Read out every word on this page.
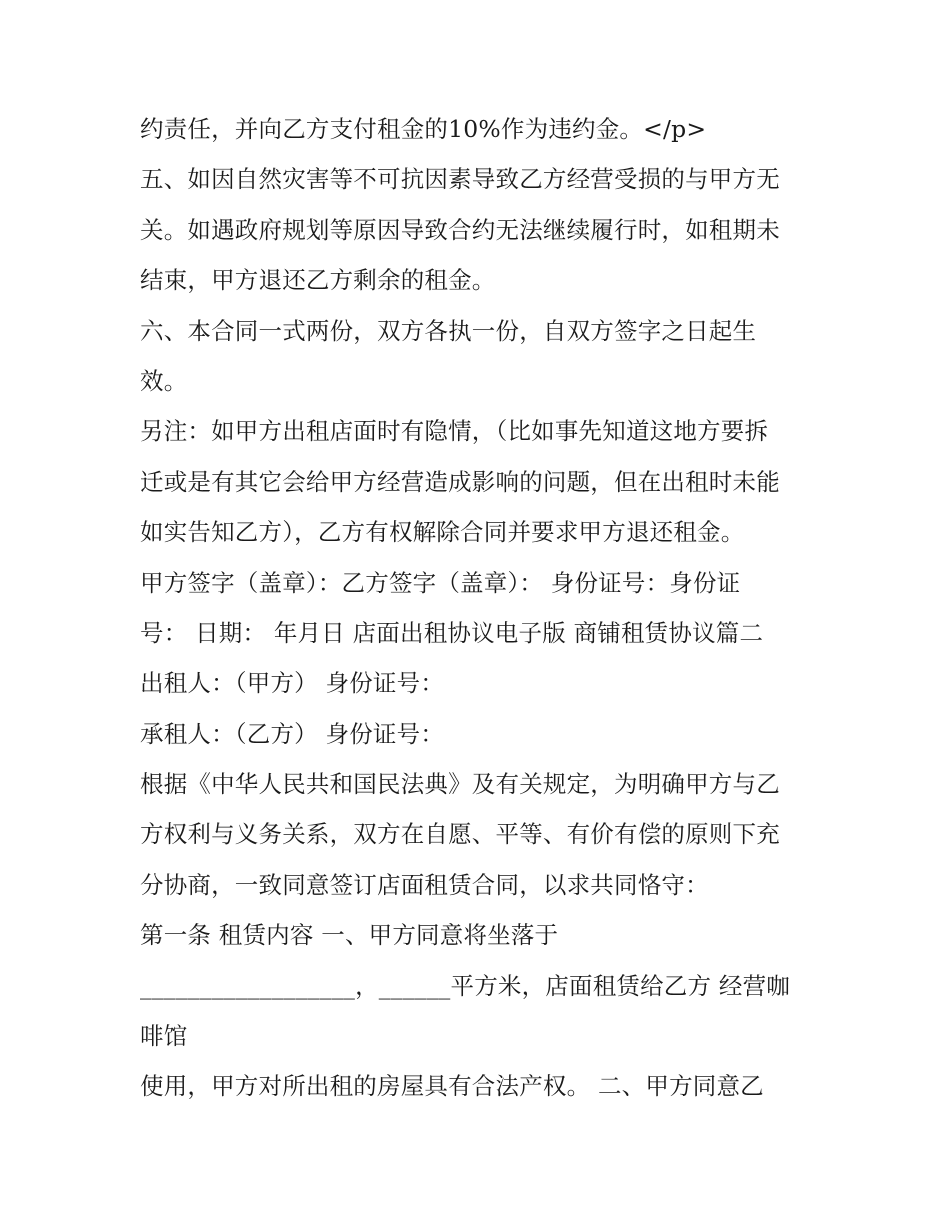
约责任，并向乙方支付租金的10%作为违约金。</p>
五、如因自然灾害等不可抗因素导致乙方经营受损的与甲方无
关。如遇政府规划等原因导致合约无法继续履行时，如租期未
结束，甲方退还乙方剩余的租金。
六、本合同一式两份，双方各执一份，自双方签字之日起生
效。
另注：如甲方出租店面时有隐情，（比如事先知道这地方要拆
迁或是有其它会给甲方经营造成影响的问题，但在出租时未能
如实告知乙方），乙方有权解除合同并要求甲方退还租金。
甲方签字（盖章）：乙方签字（盖章）： 身份证号：身份证
号： 日期： 年月日 店面出租协议电子版 商铺租赁协议篇二
出租人：（甲方） 身份证号：
承租人：（乙方） 身份证号：
根据《中华人民共和国民法典》及有关规定，为明确甲方与乙
方权利与义务关系，双方在自愿、平等、有价有偿的原则下充
分协商，一致同意签订店面租赁合同，以求共同恪守：
第一条 租赁内容 一、甲方同意将坐落于
__________________，______平方米，店面租赁给乙方 经营咖
啡馆
使用，甲方对所出租的房屋具有合法产权。 二、甲方同意乙
